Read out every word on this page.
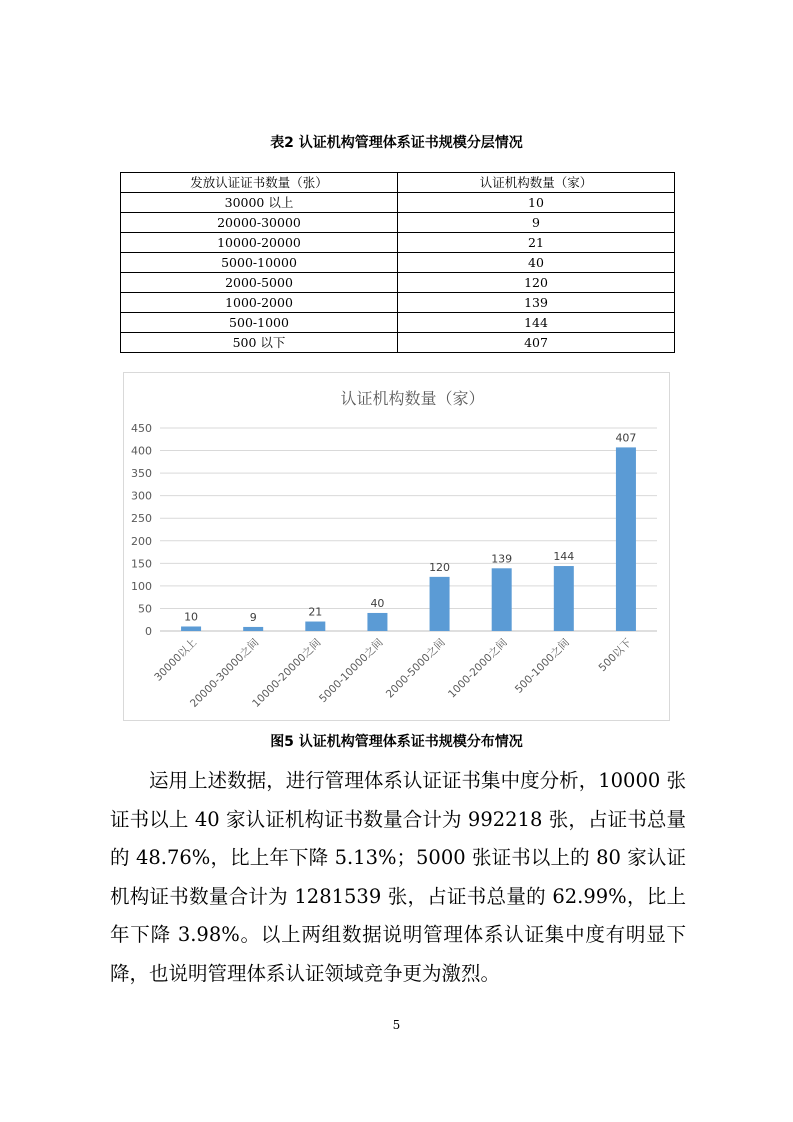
表2 认证机构管理体系证书规模分层情况
发放认证证书数量（张）	认证机构数量（家）
30000 以上	10
20000-30000	9
10000-20000	21
5000-10000	40
2000-5000	120
1000-2000	139
500-1000	144
500 以下	407
认证机构数量（家）
0
50
100
150
200
250
300
350
400
450
10
30000以上
9
20000-30000之间
21
10000-20000之间
40
5000-10000之间
120
2000-5000之间
139
1000-2000之间
144
500-1000之间
407
500以下
图5 认证机构管理体系证书规模分布情况

运用上述数据，进行管理体系认证证书集中度分析，10000 张证书以上 40 家认证机构证书数量合计为 992218 张，占证书总量的 48.76%，比上年下降 5.13%；5000 张证书以上的 80 家认证机构证书数量合计为 1281539 张，占证书总量的 62.99%，比上年下降 3.98%。以上两组数据说明管理体系认证集中度有明显下降，也说明管理体系认证领域竞争更为激烈。

5
